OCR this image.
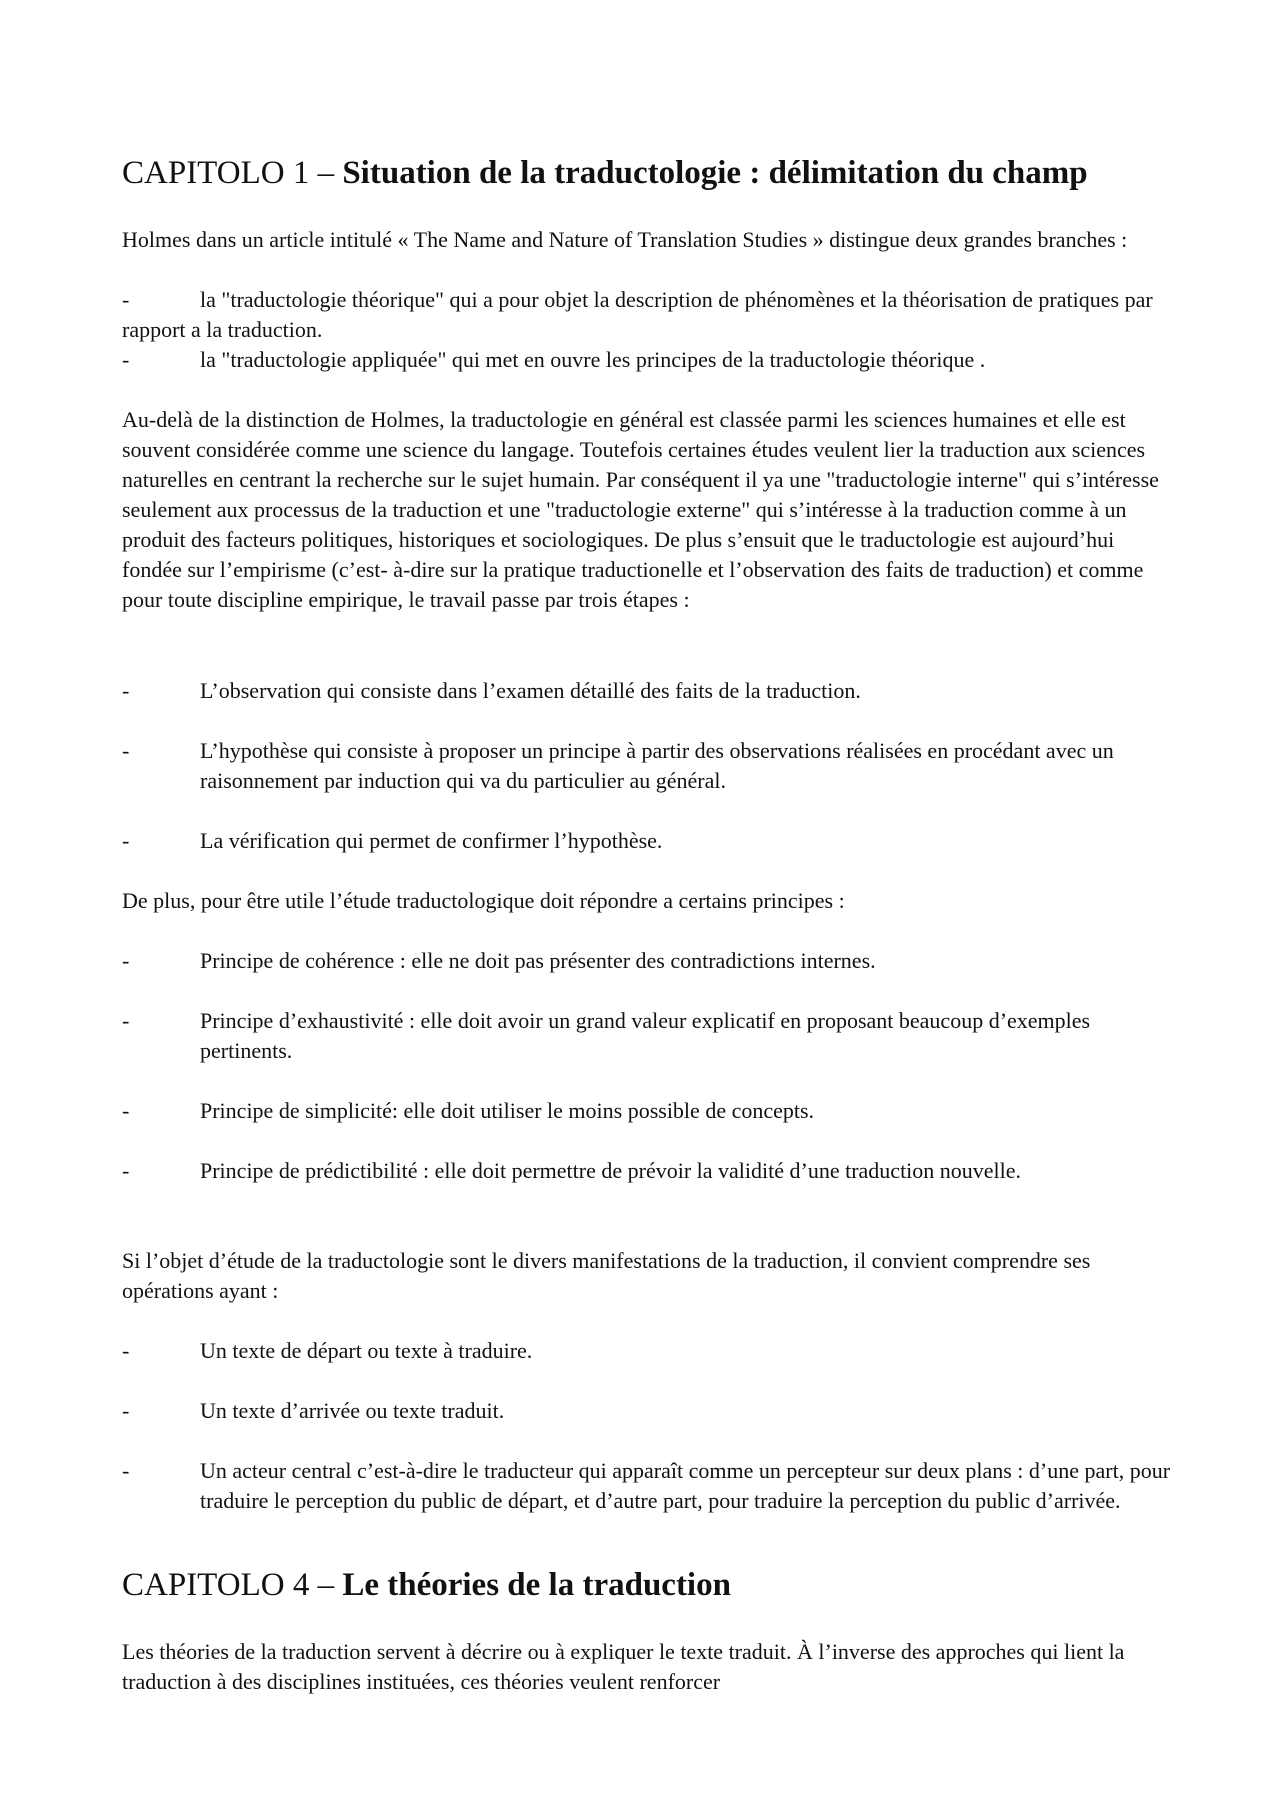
CAPITOLO 1 – Situation de la traductologie : délimitation du champ

Holmes dans un article intitulé « The Name and Nature of Translation Studies » distingue deux grandes branches :

-	la "traductologie théorique" qui a pour objet la description de phénomènes et la théorisation de pratiques par rapport a la traduction.

-	la "traductologie appliquée" qui met en ouvre les principes de la traductologie théorique .

Au-delà de la distinction de Holmes, la traductologie en général est classée parmi les sciences humaines et elle est souvent considérée comme une science du langage. Toutefois certaines études veulent lier la traduction aux sciences naturelles en centrant la recherche sur le sujet humain. Par conséquent il ya une "traductologie interne" qui s’intéresse seulement aux processus de la traduction et une "traductologie externe" qui s’intéresse à la traduction comme à un produit des facteurs politiques, historiques et sociologiques. De plus s’ensuit que le traductologie est aujourd’hui fondée sur l’empirisme (c’est- à-dire sur la pratique traductionelle et l’observation des faits de traduction) et comme pour toute discipline empirique, le travail passe par trois étapes :

-	L’observation qui consiste dans l’examen détaillé des faits de la traduction.
-	L’hypothèse qui consiste à proposer un principe à partir des observations réalisées en procédant avec un raisonnement par induction qui va du particulier au général.
-	La vérification qui permet de confirmer l’hypothèse.

De plus, pour être utile l’étude traductologique doit répondre a certains principes :

-	Principe de cohérence : elle ne doit pas présenter des contradictions internes.
-	Principe d’exhaustivité : elle doit avoir un grand valeur explicatif en proposant beaucoup d’exemples pertinents.
-	Principe de simplicité: elle doit utiliser le moins possible de concepts.
-	Principe de prédictibilité : elle doit permettre de prévoir la validité d’une traduction nouvelle.

Si l’objet d’étude de la traductologie sont le divers manifestations de la traduction, il convient comprendre ses opérations ayant :

-	Un texte de départ ou texte à traduire.
-	Un texte d’arrivée ou texte traduit.
-	Un acteur central c’est-à-dire le traducteur qui apparaît comme un percepteur sur deux plans : d’une part, pour traduire le perception du public de départ, et d’autre part, pour traduire la perception du public d’arrivée.
CAPITOLO 4 – Le théories de la traduction

Les théories de la traduction servent à décrire ou à expliquer le texte traduit. À l’inverse des approches qui lient la traduction à des disciplines instituées, ces théories veulent renforcer
